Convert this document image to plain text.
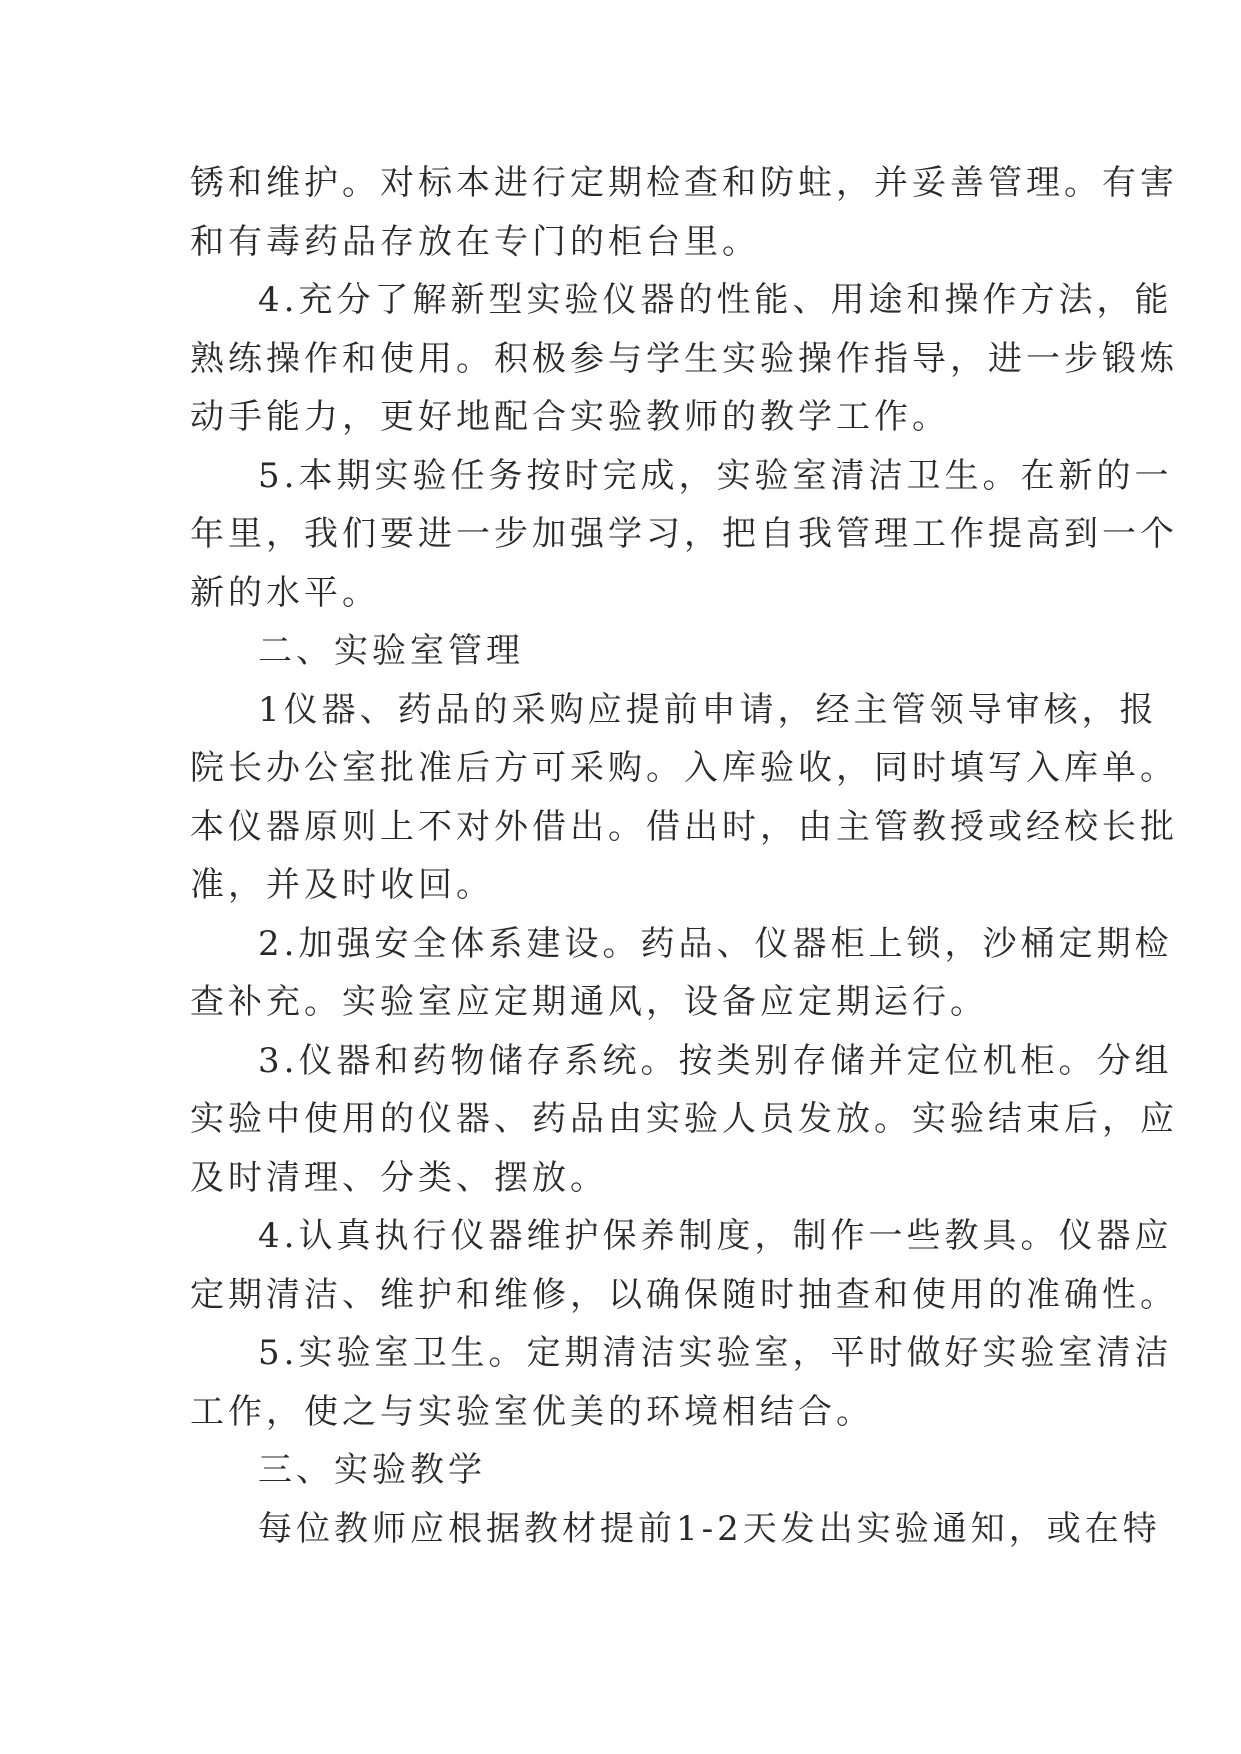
锈和维护。对标本进行定期检查和防蛀，并妥善管理。有害
和有毒药品存放在专门的柜台里。
4.充分了解新型实验仪器的性能、用途和操作方法，能
熟练操作和使用。积极参与学生实验操作指导，进一步锻炼
动手能力，更好地配合实验教师的教学工作。
5.本期实验任务按时完成，实验室清洁卫生。在新的一
年里，我们要进一步加强学习，把自我管理工作提高到一个
新的水平。
二、实验室管理
1仪器、药品的采购应提前申请，经主管领导审核，报
院长办公室批准后方可采购。入库验收，同时填写入库单。
本仪器原则上不对外借出。借出时，由主管教授或经校长批
准，并及时收回。
2.加强安全体系建设。药品、仪器柜上锁，沙桶定期检
查补充。实验室应定期通风，设备应定期运行。
3.仪器和药物储存系统。按类别存储并定位机柜。分组
实验中使用的仪器、药品由实验人员发放。实验结束后，应
及时清理、分类、摆放。
4.认真执行仪器维护保养制度，制作一些教具。仪器应
定期清洁、维护和维修，以确保随时抽查和使用的准确性。
5.实验室卫生。定期清洁实验室，平时做好实验室清洁
工作，使之与实验室优美的环境相结合。
三、实验教学
每位教师应根据教材提前1-2天发出实验通知，或在特
